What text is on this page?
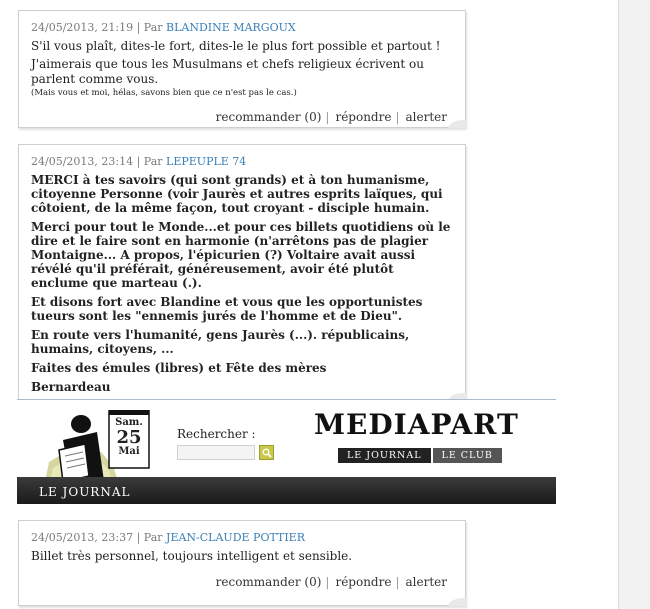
24/05/2013, 21:19 | Par BLANDINE MARGOUX

S'il vous plaît, dites-le fort, dites-le le plus fort possible et partout !

J'aimerais que tous les Musulmans et chefs religieux écrivent ou parlent comme vous.

(Mais vous et moi, hélas, savons bien que ce n'est pas le cas.)

recommander (0) | répondre | alerter
24/05/2013, 23:14 | Par LEPEUPLE 74

MERCI à tes savoirs (qui sont grands) et à ton humanisme, citoyenne Personne (voir Jaurès et autres esprits laïques, qui côtoient, de la même façon, tout croyant - disciple humain.

Merci pour tout le Monde...et pour ces billets quotidiens où le dire et le faire sont en harmonie (n'arrêtons pas de plagier Montaigne... A propos, l'épicurien (?) Voltaire avait aussi révélé qu'il préférait, généreusement, avoir été plutôt enclume que marteau (.).

Et disons fort avec Blandine et vous que les opportunistes tueurs sont les "ennemis jurés de l'homme et de Dieu".

En route vers l'humanité, gens Jaurès (...). républicains, humains, citoyens, ...

Faites des émules (libres) et Fête des mères

Bernardeau

Sam.
25
Mai
Rechercher : MEDIAPART
LE JOURNAL	LE CLUB
LE JOURNAL
24/05/2013, 23:37 | Par JEAN-CLAUDE POTTIER

Billet très personnel, toujours intelligent et sensible.

recommander (0) | répondre | alerter
